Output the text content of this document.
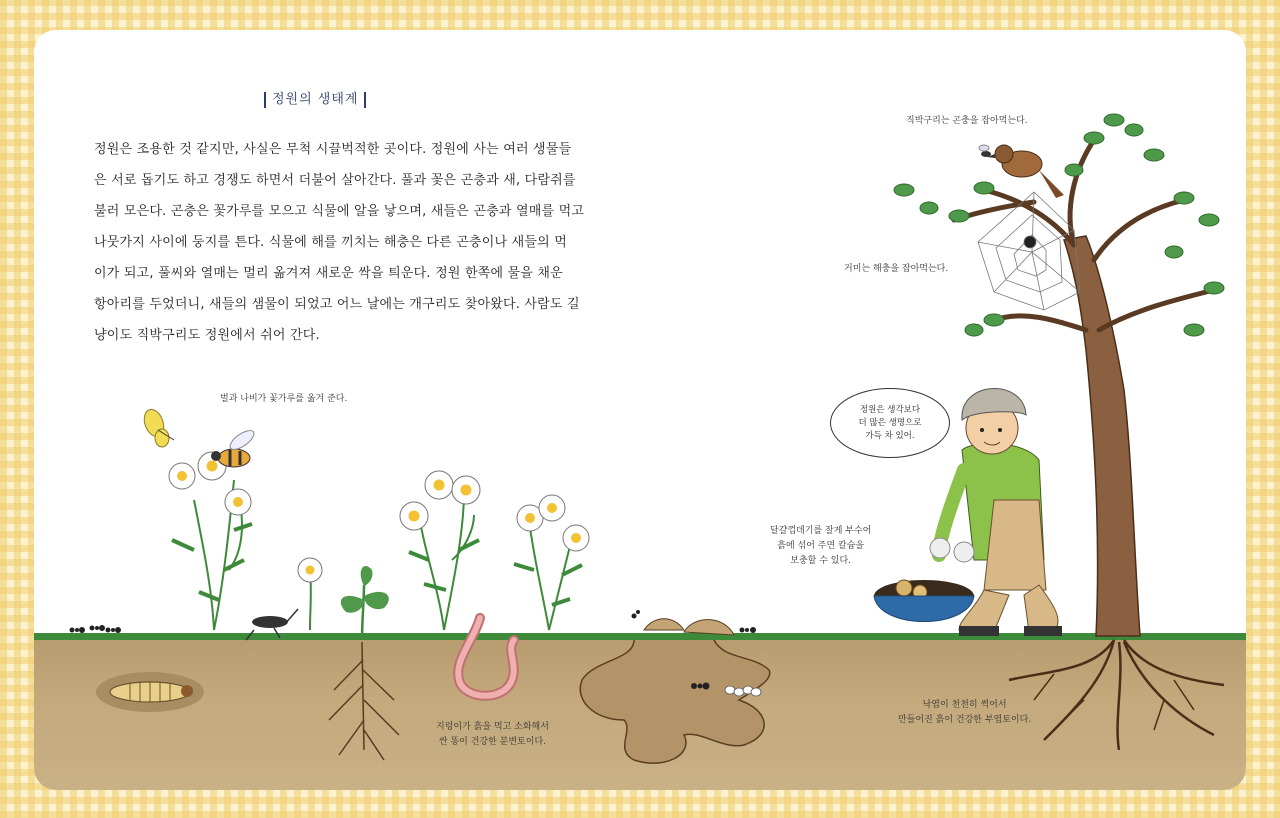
정원의 생태계
정원은 조용한 것 같지만, 사실은 무척 시끌벅적한 곳이다. 정원에 사는 여러 생물들
은 서로 돕기도 하고 경쟁도 하면서 더불어 살아간다. 풀과 꽃은 곤충과 새, 다람쥐를
불러 모은다. 곤충은 꽃가루를 모으고 식물에 알을 낳으며, 새들은 곤충과 열매를 먹고
나뭇가지 사이에 둥지를 튼다. 식물에 해를 끼치는 해충은 다른 곤충이나 새들의 먹
이가 되고, 풀씨와 열매는 멀리 옮겨져 새로운 싹을 틔운다. 정원 한쪽에 물을 채운
항아리를 두었더니, 새들의 샘물이 되었고 어느 날에는 개구리도 찾아왔다. 사람도 길
냥이도 직박구리도 정원에서 쉬어 간다.
직박구리는 곤충을 잡아먹는다.
거미는 해충을 잡아먹는다.
벌과 나비가 꽃가루를 옮겨 준다.
달걀껍데기를 잘게 부수어
흙에 섞어 주면 칼슘을
보충할 수 있다.
지렁이가 흙을 먹고 소화해서
싼 똥이 건강한 분변토이다.
낙엽이 천천히 썩어서
만들어진 흙이 건강한 부엽토이다.
정원은 생각보다
더 많은 생명으로
가득 차 있어.
